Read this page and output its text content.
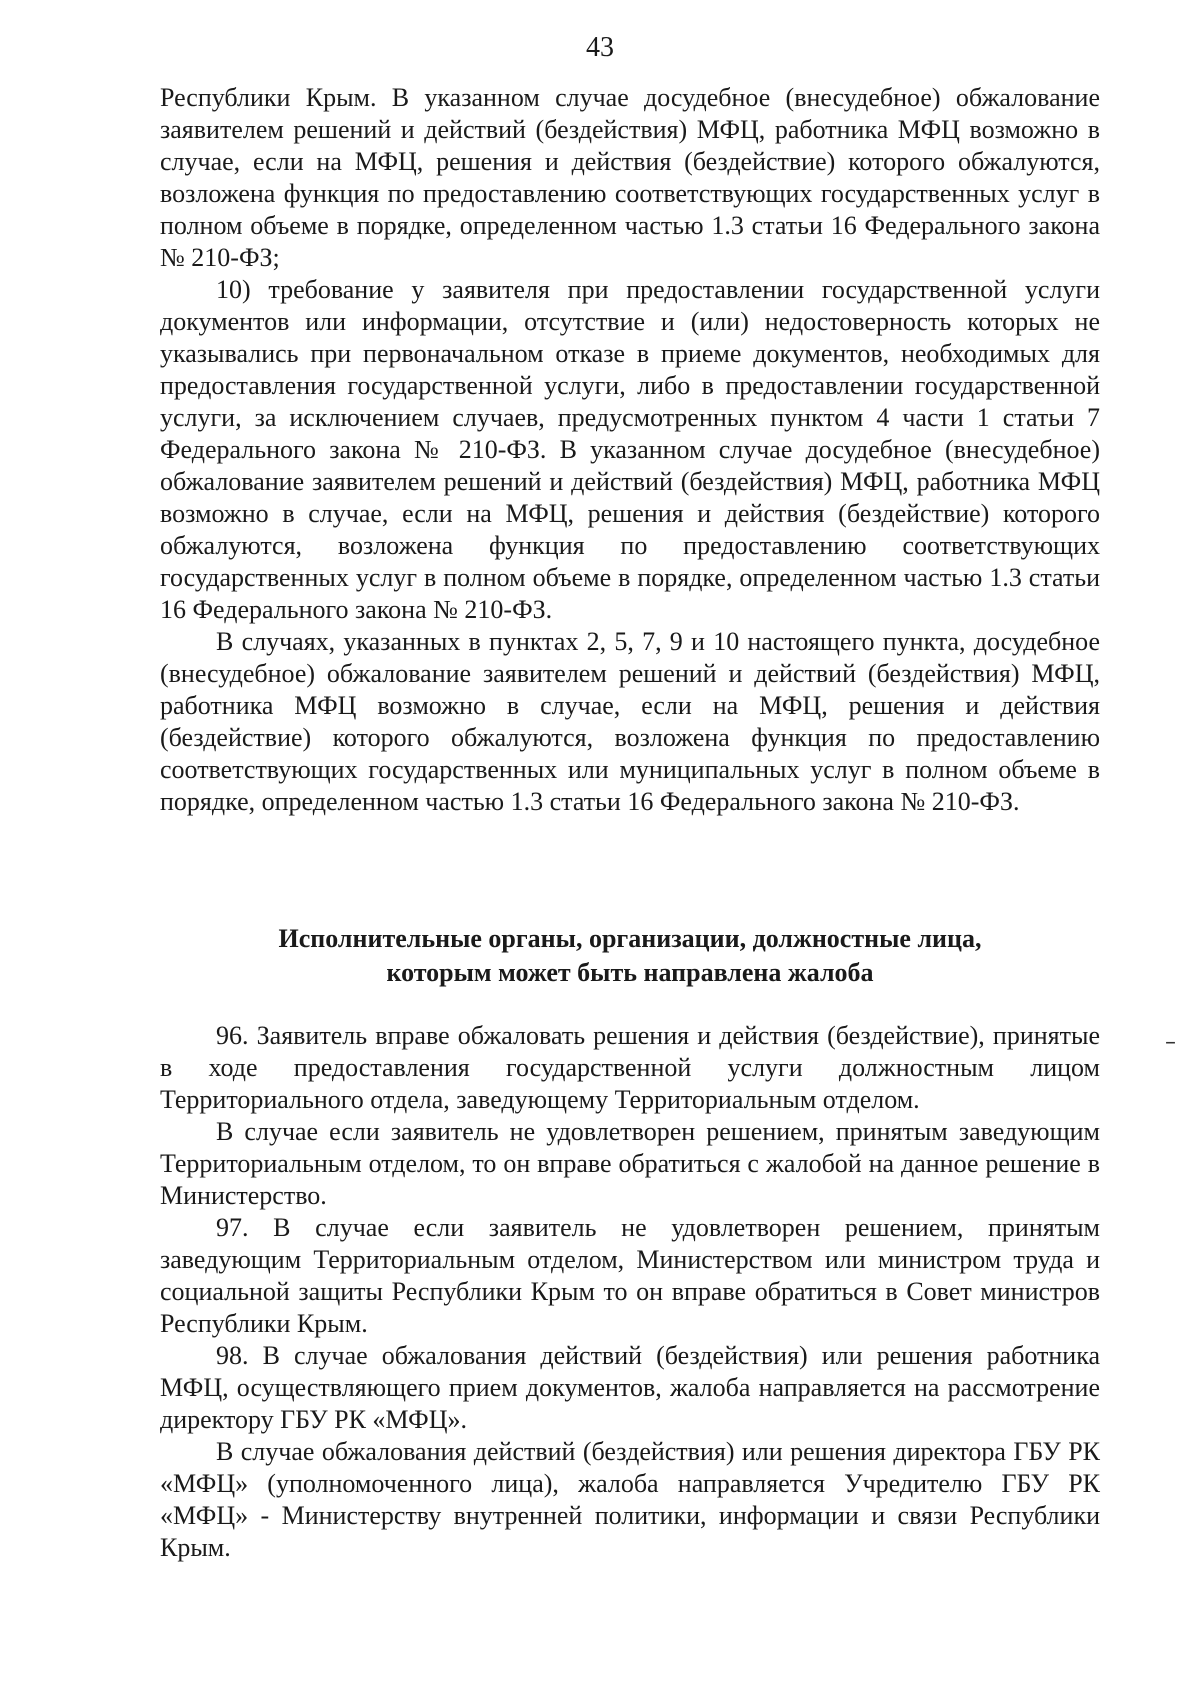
43

Республики Крым. В указанном случае досудебное (внесудебное) обжалование заявителем решений и действий (бездействия) МФЦ, работника МФЦ возможно в случае, если на МФЦ, решения и действия (бездействие) которого обжалуются, возложена функция по предоставлению соответствующих государственных услуг в полном объеме в порядке, определенном частью 1.3 статьи 16 Федерального закона № 210-ФЗ;

10) требование у заявителя при предоставлении государственной услуги документов или информации, отсутствие и (или) недостоверность которых не указывались при первоначальном отказе в приеме документов, необходимых для предоставления государственной услуги, либо в предоставлении государственной услуги, за исключением случаев, предусмотренных пунктом 4 части 1 статьи 7 Федерального закона № 210-ФЗ. В указанном случае досудебное (внесудебное) обжалование заявителем решений и действий (бездействия) МФЦ, работника МФЦ возможно в случае, если на МФЦ, решения и действия (бездействие) которого обжалуются, возложена функция по предоставлению соответствующих государственных услуг в полном объеме в порядке, определенном частью 1.3 статьи 16 Федерального закона № 210-ФЗ.

В случаях, указанных в пунктах 2, 5, 7, 9 и 10 настоящего пункта, досудебное (внесудебное) обжалование заявителем решений и действий (бездействия) МФЦ, работника МФЦ возможно в случае, если на МФЦ, решения и действия (бездействие) которого обжалуются, возложена функция по предоставлению соответствующих государственных или муниципальных услуг в полном объеме в порядке, определенном частью 1.3 статьи 16 Федерального закона № 210-ФЗ.

Исполнительные органы, организации, должностные лица,
которым может быть направлена жалоба

96. Заявитель вправе обжаловать решения и действия (бездействие), принятые в ходе предоставления государственной услуги должностным лицом Территориального отдела, заведующему Территориальным отделом.

В случае если заявитель не удовлетворен решением, принятым заведующим Территориальным отделом, то он вправе обратиться с жалобой на данное решение в Министерство.

97. В случае если заявитель не удовлетворен решением, принятым заведующим Территориальным отделом, Министерством или министром труда и социальной защиты Республики Крым то он вправе обратиться в Совет министров Республики Крым.

98. В случае обжалования действий (бездействия) или решения работника МФЦ, осуществляющего прием документов, жалоба направляется на рассмотрение директору ГБУ РК «МФЦ».

В случае обжалования действий (бездействия) или решения директора ГБУ РК «МФЦ» (уполномоченного лица), жалоба направляется Учредителю ГБУ РК «МФЦ» - Министерству внутренней политики, информации и связи Республики Крым.

–
